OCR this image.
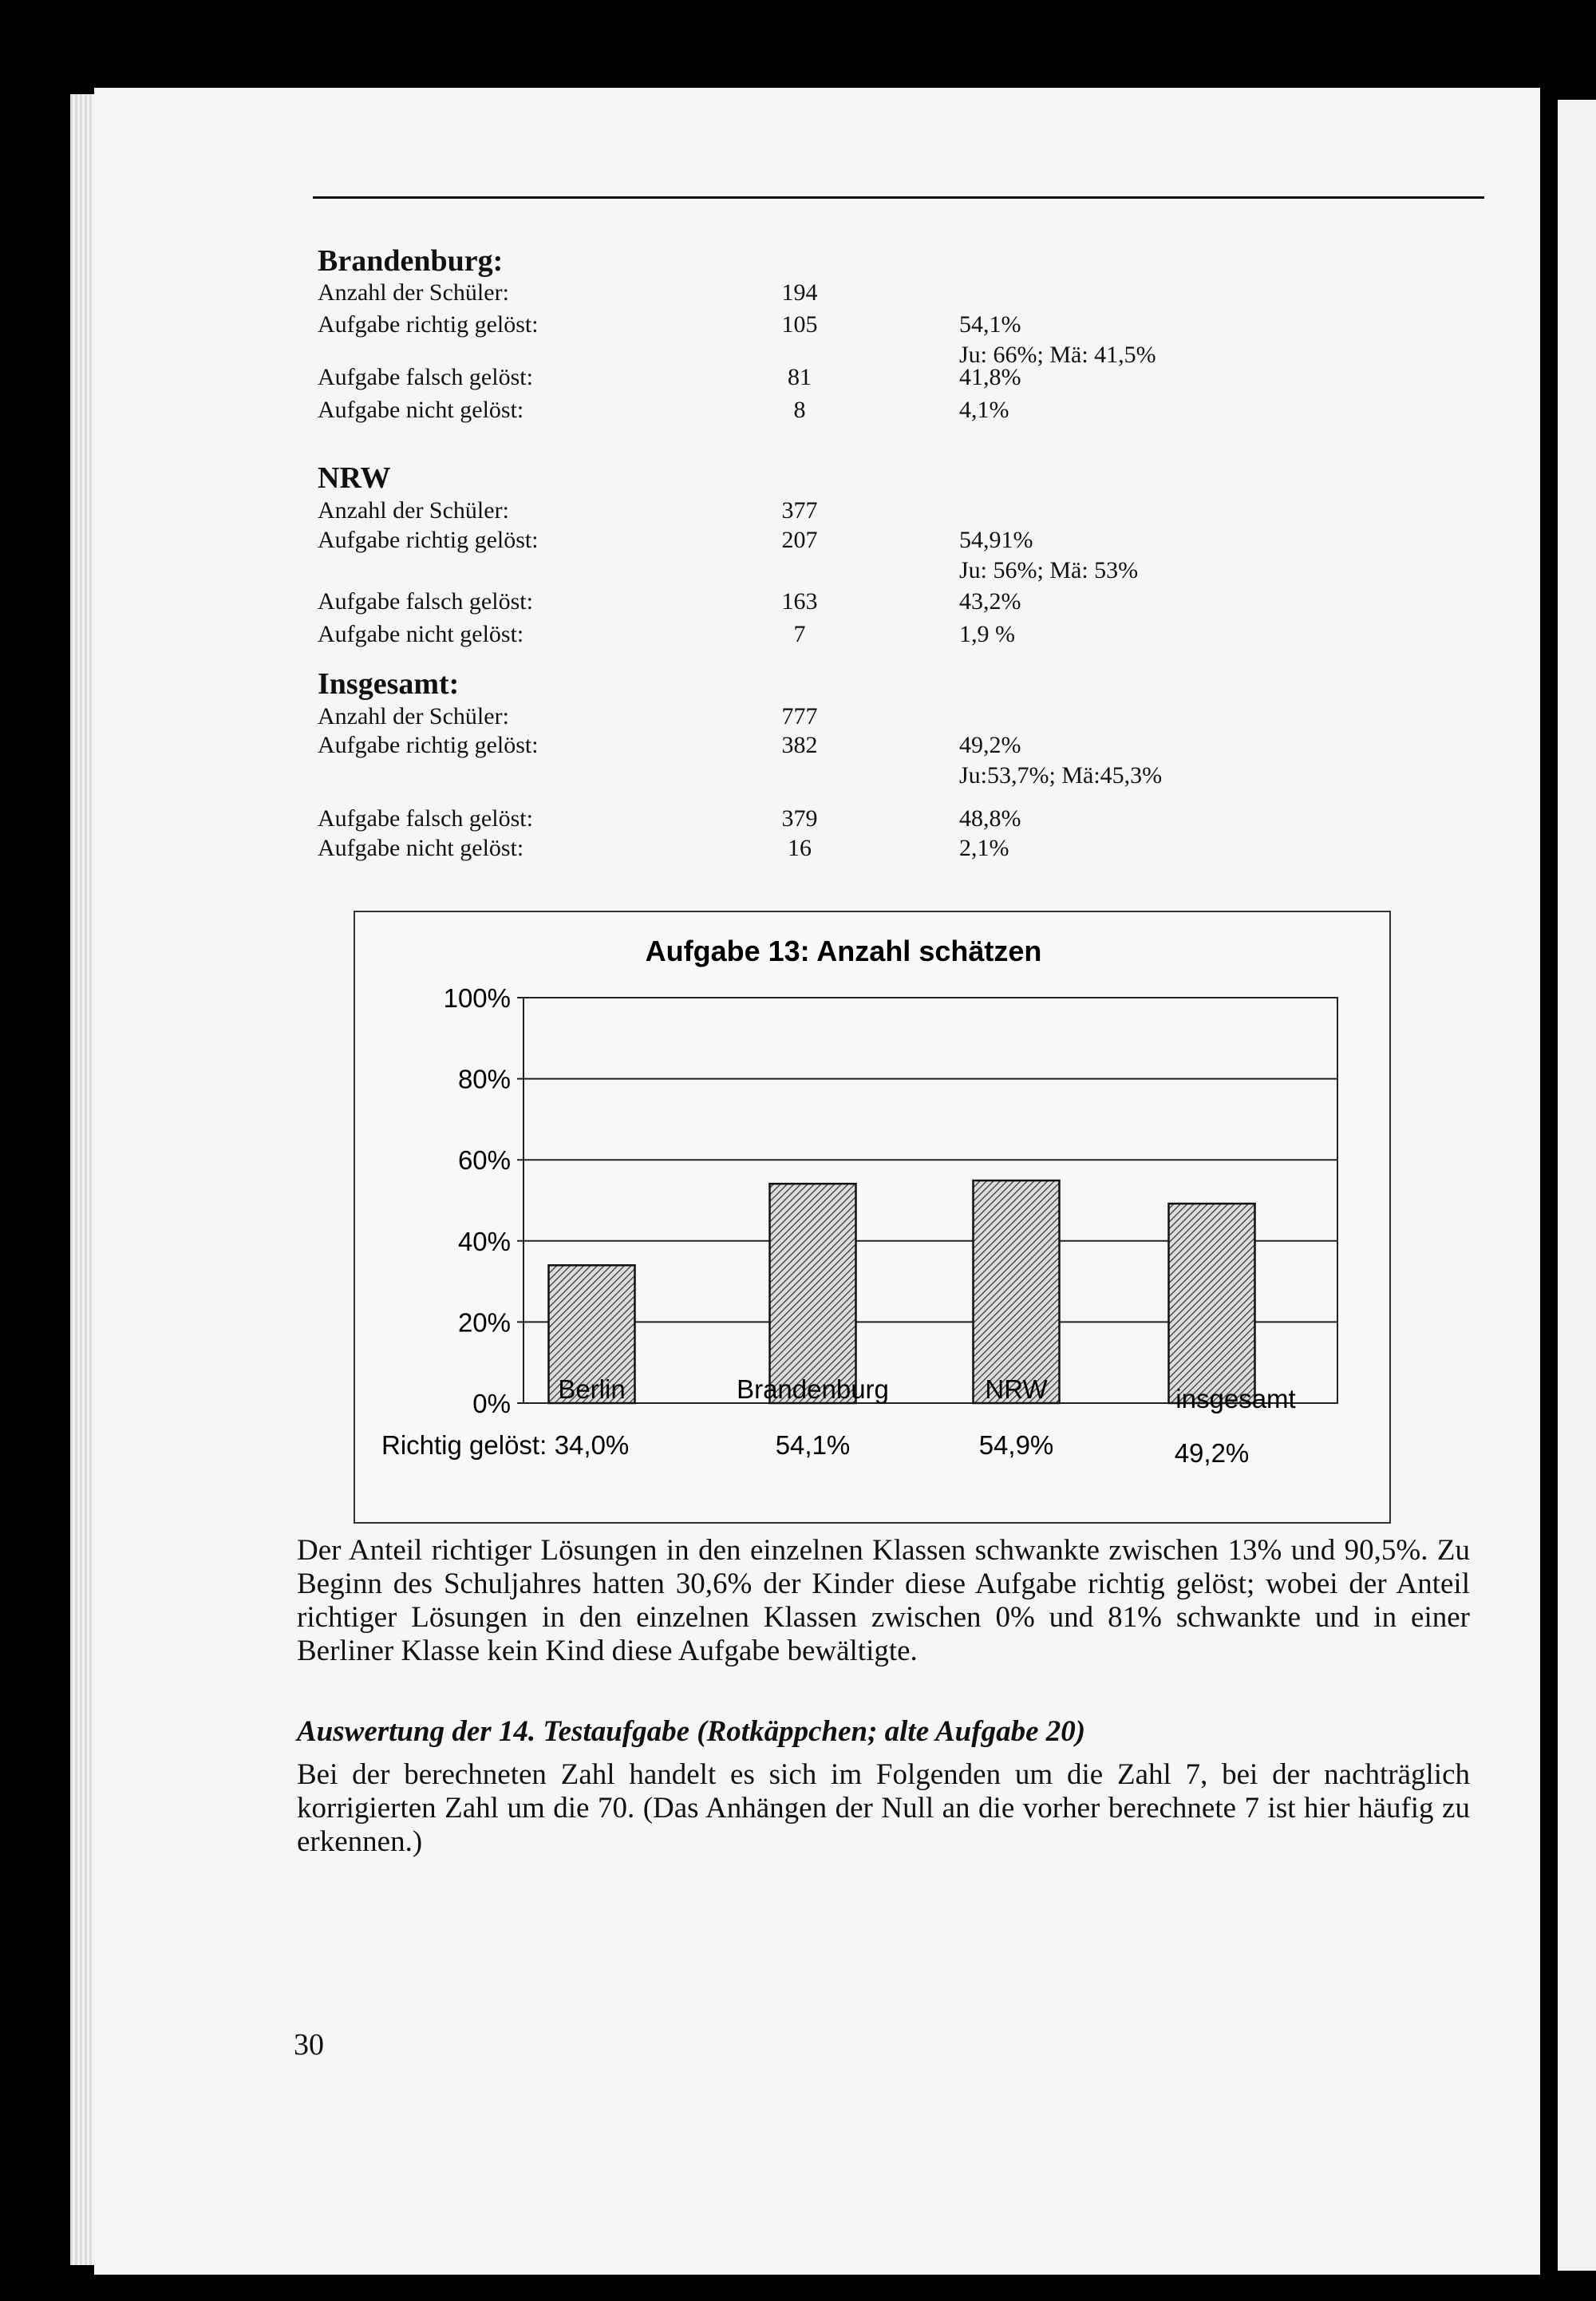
Brandenburg:
Anzahl der Schüler:	194
Aufgabe richtig gelöst:	105	54,1%
Ju: 66%; Mä: 41,5%
Aufgabe falsch gelöst:	81	41,8%
Aufgabe nicht gelöst:	8	4,1%
NRW
Anzahl der Schüler:	377
Aufgabe richtig gelöst:	207	54,91%
Ju: 56%; Mä: 53%
Aufgabe falsch gelöst:	163	43,2%
Aufgabe nicht gelöst:	7	1,9 %
Insgesamt:
Anzahl der Schüler:	777
Aufgabe richtig gelöst:	382	49,2%
Ju:53,7%; Mä:45,3%
Aufgabe falsch gelöst:	379	48,8%
Aufgabe nicht gelöst:	16	2,1%
Aufgabe 13: Anzahl schätzen
0%
20%
40%
60%
80%
100%
Berlin
34,0%
Brandenburg
54,1%
NRW
54,9%
insgesamt
49,2%
Richtig gelöst:
Der Anteil richtiger Lösungen in den einzelnen Klassen schwankte zwischen 13% und 90,5%. Zu Beginn des Schuljahres hatten 30,6% der Kinder diese Aufgabe richtig gelöst; wobei der Anteil richtiger Lösungen in den einzelnen Klassen zwischen 0% und 81% schwankte und in einer Berliner Klasse kein Kind diese Aufgabe bewältigte.
Auswertung der 14. Testaufgabe (Rotkäppchen; alte Aufgabe 20)
Bei der berechneten Zahl handelt es sich im Folgenden um die Zahl 7, bei der nachträglich korrigierten Zahl um die 70. (Das Anhängen der Null an die vorher berechnete 7 ist hier häufig zu erkennen.)
30
